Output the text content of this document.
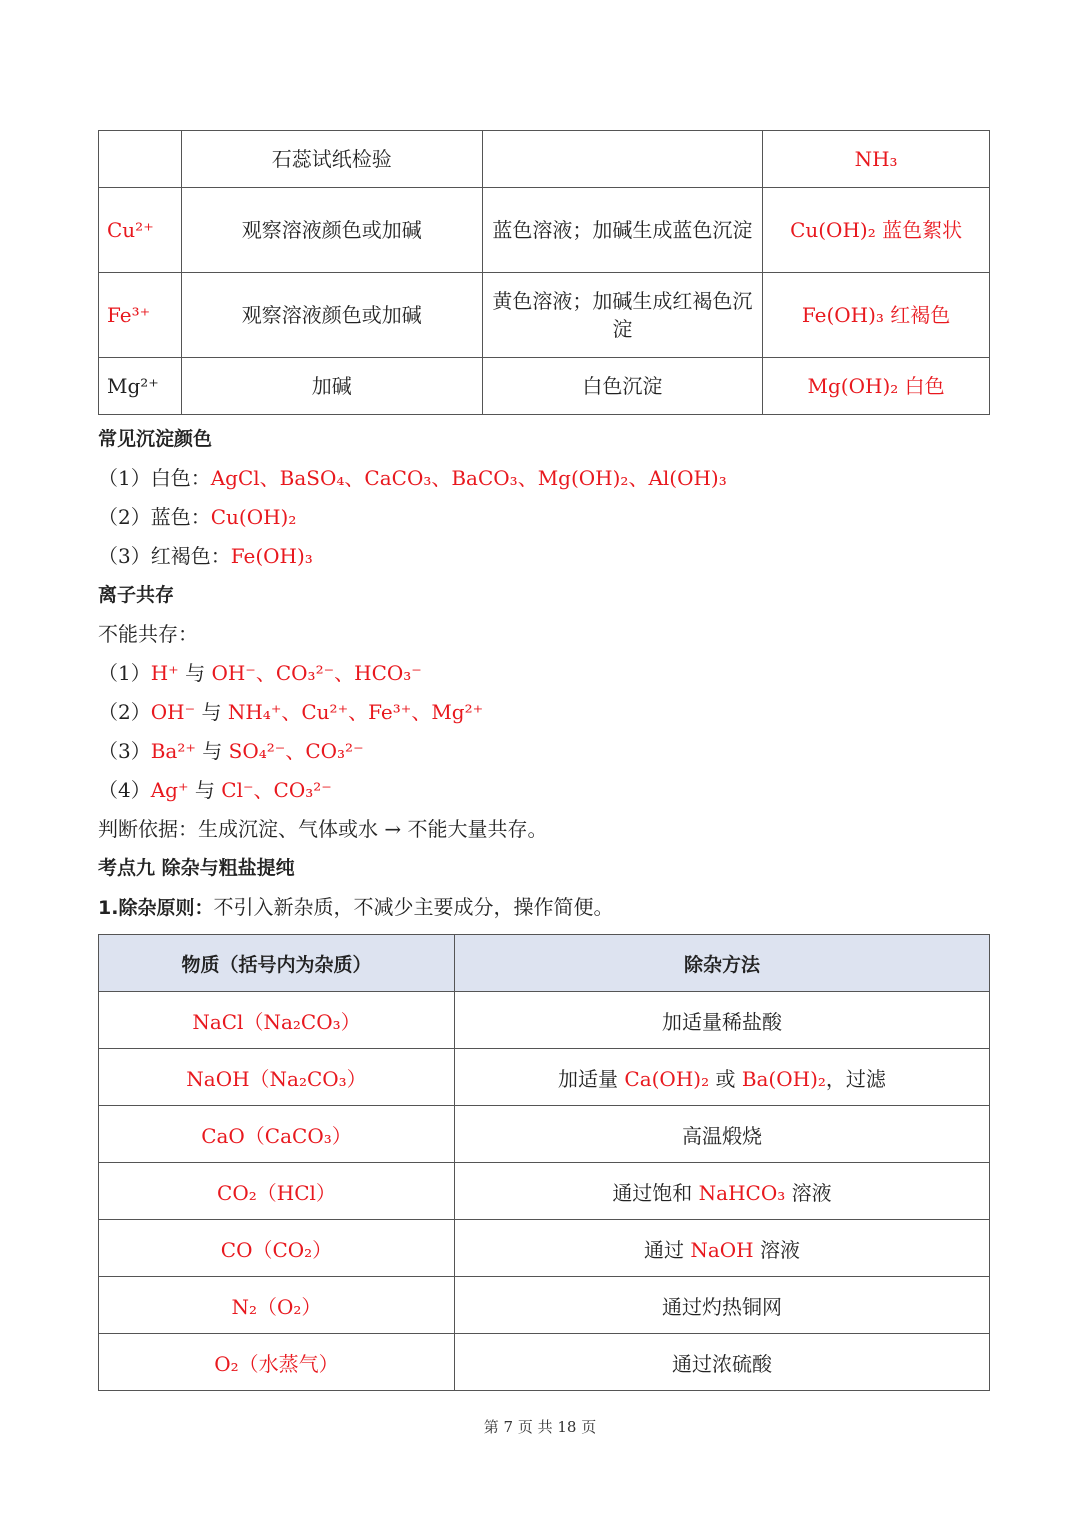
	石蕊试纸检验		NH₃
Cu²⁺	观察溶液颜色或加碱	蓝色溶液；加碱生成蓝色沉淀	Cu(OH)₂ 蓝色絮状
Fe³⁺	观察溶液颜色或加碱	黄色溶液；加碱生成红褐色沉淀	Fe(OH)₃ 红褐色
Mg²⁺	加碱	白色沉淀	Mg(OH)₂ 白色
常见沉淀颜色
（1）白色：AgCl、BaSO₄、CaCO₃、BaCO₃、Mg(OH)₂、Al(OH)₃
（2）蓝色：Cu(OH)₂
（3）红褐色：Fe(OH)₃
离子共存
不能共存：
（1）H⁺ 与 OH⁻、CO₃²⁻、HCO₃⁻
（2）OH⁻ 与 NH₄⁺、Cu²⁺、Fe³⁺、Mg²⁺
（3）Ba²⁺ 与 SO₄²⁻、CO₃²⁻
（4）Ag⁺ 与 Cl⁻、CO₃²⁻
判断依据：生成沉淀、气体或水 → 不能大量共存。
考点九 除杂与粗盐提纯
1.除杂原则：不引入新杂质，不减少主要成分，操作简便。
物质（括号内为杂质）	除杂方法
NaCl（Na₂CO₃）	加适量稀盐酸
NaOH（Na₂CO₃）	加适量 Ca(OH)₂ 或 Ba(OH)₂，过滤
CaO（CaCO₃）	高温煅烧
CO₂（HCl）	通过饱和 NaHCO₃ 溶液
CO（CO₂）	通过 NaOH 溶液
N₂（O₂）	通过灼热铜网
O₂（水蒸气）	通过浓硫酸
第 7 页 共 18 页
